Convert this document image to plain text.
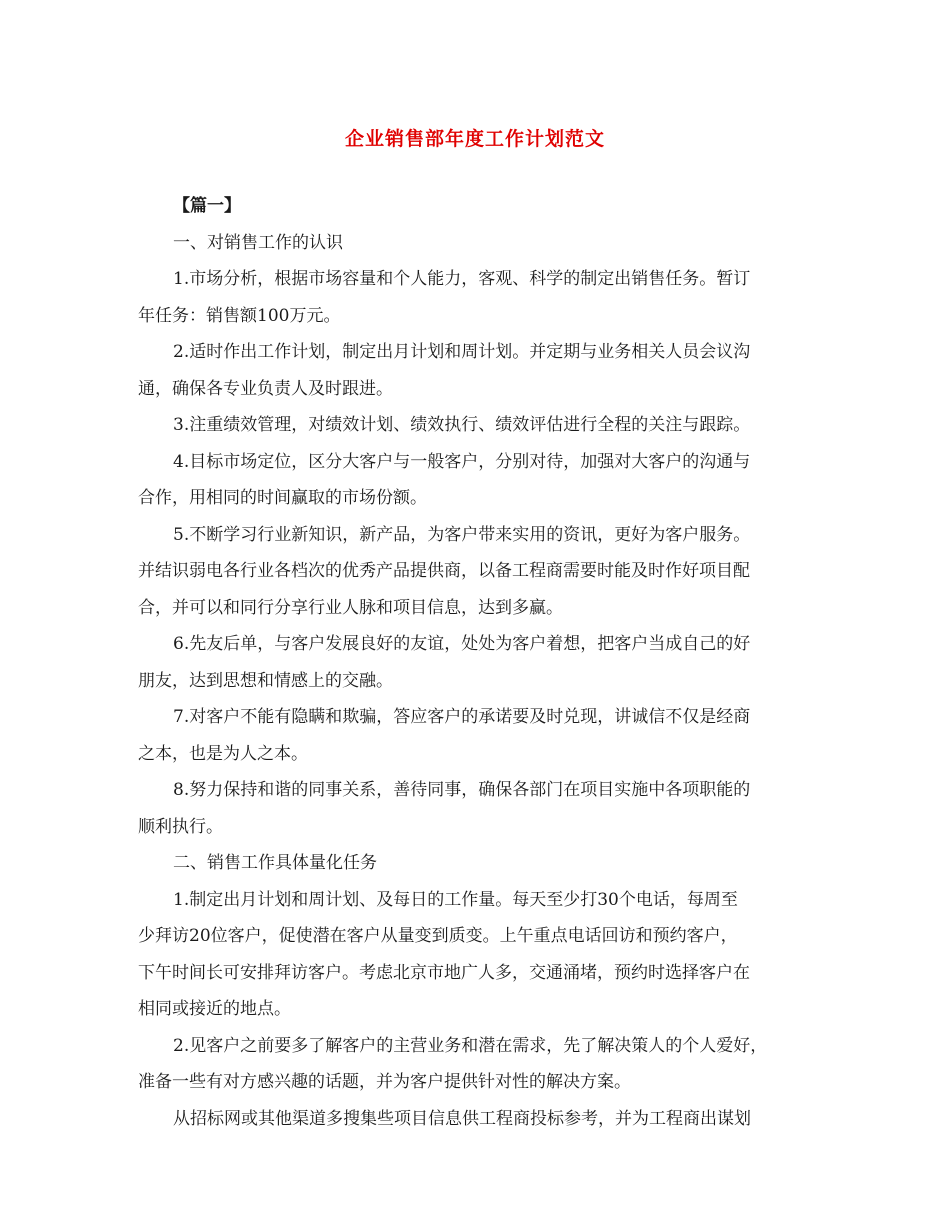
企业销售部年度工作计划范文
【篇一】
一、对销售工作的认识
1.市场分析，根据市场容量和个人能力，客观、科学的制定出销售任务。暂订
年任务：销售额100万元。
2.适时作出工作计划，制定出月计划和周计划。并定期与业务相关人员会议沟
通，确保各专业负责人及时跟进。
3.注重绩效管理，对绩效计划、绩效执行、绩效评估进行全程的关注与跟踪。
4.目标市场定位，区分大客户与一般客户，分别对待，加强对大客户的沟通与
合作，用相同的时间赢取的市场份额。
5.不断学习行业新知识，新产品，为客户带来实用的资讯，更好为客户服务。
并结识弱电各行业各档次的优秀产品提供商，以备工程商需要时能及时作好项目配
合，并可以和同行分享行业人脉和项目信息，达到多赢。
6.先友后单，与客户发展良好的友谊，处处为客户着想，把客户当成自己的好
朋友，达到思想和情感上的交融。
7.对客户不能有隐瞒和欺骗，答应客户的承诺要及时兑现，讲诚信不仅是经商
之本，也是为人之本。
8.努力保持和谐的同事关系，善待同事，确保各部门在项目实施中各项职能的
顺利执行。
二、销售工作具体量化任务
1.制定出月计划和周计划、及每日的工作量。每天至少打30个电话，每周至
少拜访20位客户，促使潜在客户从量变到质变。上午重点电话回访和预约客户，
下午时间长可安排拜访客户。考虑北京市地广人多，交通涌堵，预约时选择客户在
相同或接近的地点。
2.见客户之前要多了解客户的主营业务和潜在需求，先了解决策人的个人爱好，
准备一些有对方感兴趣的话题，并为客户提供针对性的解决方案。
从招标网或其他渠道多搜集些项目信息供工程商投标参考，并为工程商出谋划
